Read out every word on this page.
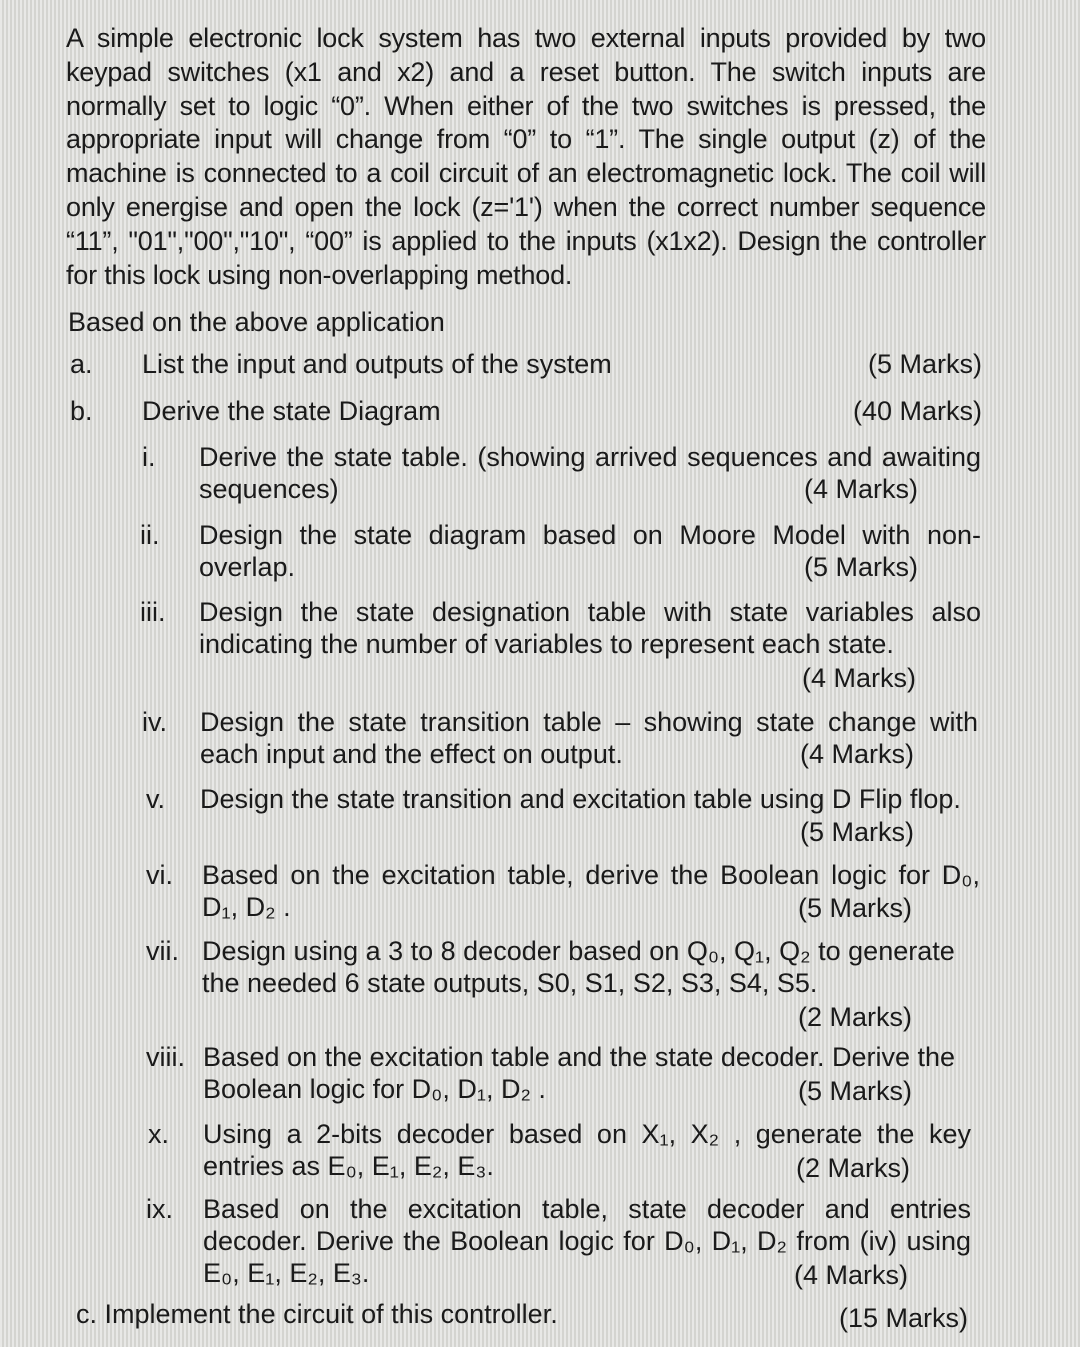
A simple electronic lock system has two external inputs provided by two keypad switches (x1 and x2) and a reset button. The switch inputs are normally set to logic “0”. When either of the two switches is pressed, the appropriate input will change from “0” to “1”. The single output (z) of the machine is connected to a coil circuit of an electromagnetic lock. The coil will only energise and open the lock (z='1') when the correct number sequence “11”, "01","00","10", “00” is applied to the inputs (x1x2). Design the controller for this lock using non-overlapping method.
Based on the above application
a. List the input and outputs of the system	(5 Marks)
b. Derive the state Diagram	(40 Marks)
i. Derive the state table. (showing arrived sequences and awaiting sequences)	(4 Marks)
ii. Design the state diagram based on Moore Model with non-overlap.	(5 Marks)
iii. Design the state designation table with state variables also indicating the number of variables to represent each state.
(4 Marks)
iv. Design the state transition table – showing state change with each input and the effect on output.	(4 Marks)
v. Design the state transition and excitation table using D Flip flop.
(5 Marks)
vi. Based on the excitation table, derive the Boolean logic for D₀, D₁, D₂ .	(5 Marks)
vii. Design using a 3 to 8 decoder based on Q₀, Q₁, Q₂ to generate the needed 6 state outputs, S0, S1, S2, S3, S4, S5.
(2 Marks)
viii. Based on the excitation table and the state decoder. Derive the Boolean logic for D₀, D₁, D₂ .	(5 Marks)
x. Using a 2-bits decoder based on X₁, X₂ , generate the key entries as E₀, E₁, E₂, E₃.	(2 Marks)
ix. Based on the excitation table, state decoder and entries decoder. Derive the Boolean logic for D₀, D₁, D₂ from (iv) using E₀, E₁, E₂, E₃.	(4 Marks)
c. Implement the circuit of this controller.	(15 Marks)
